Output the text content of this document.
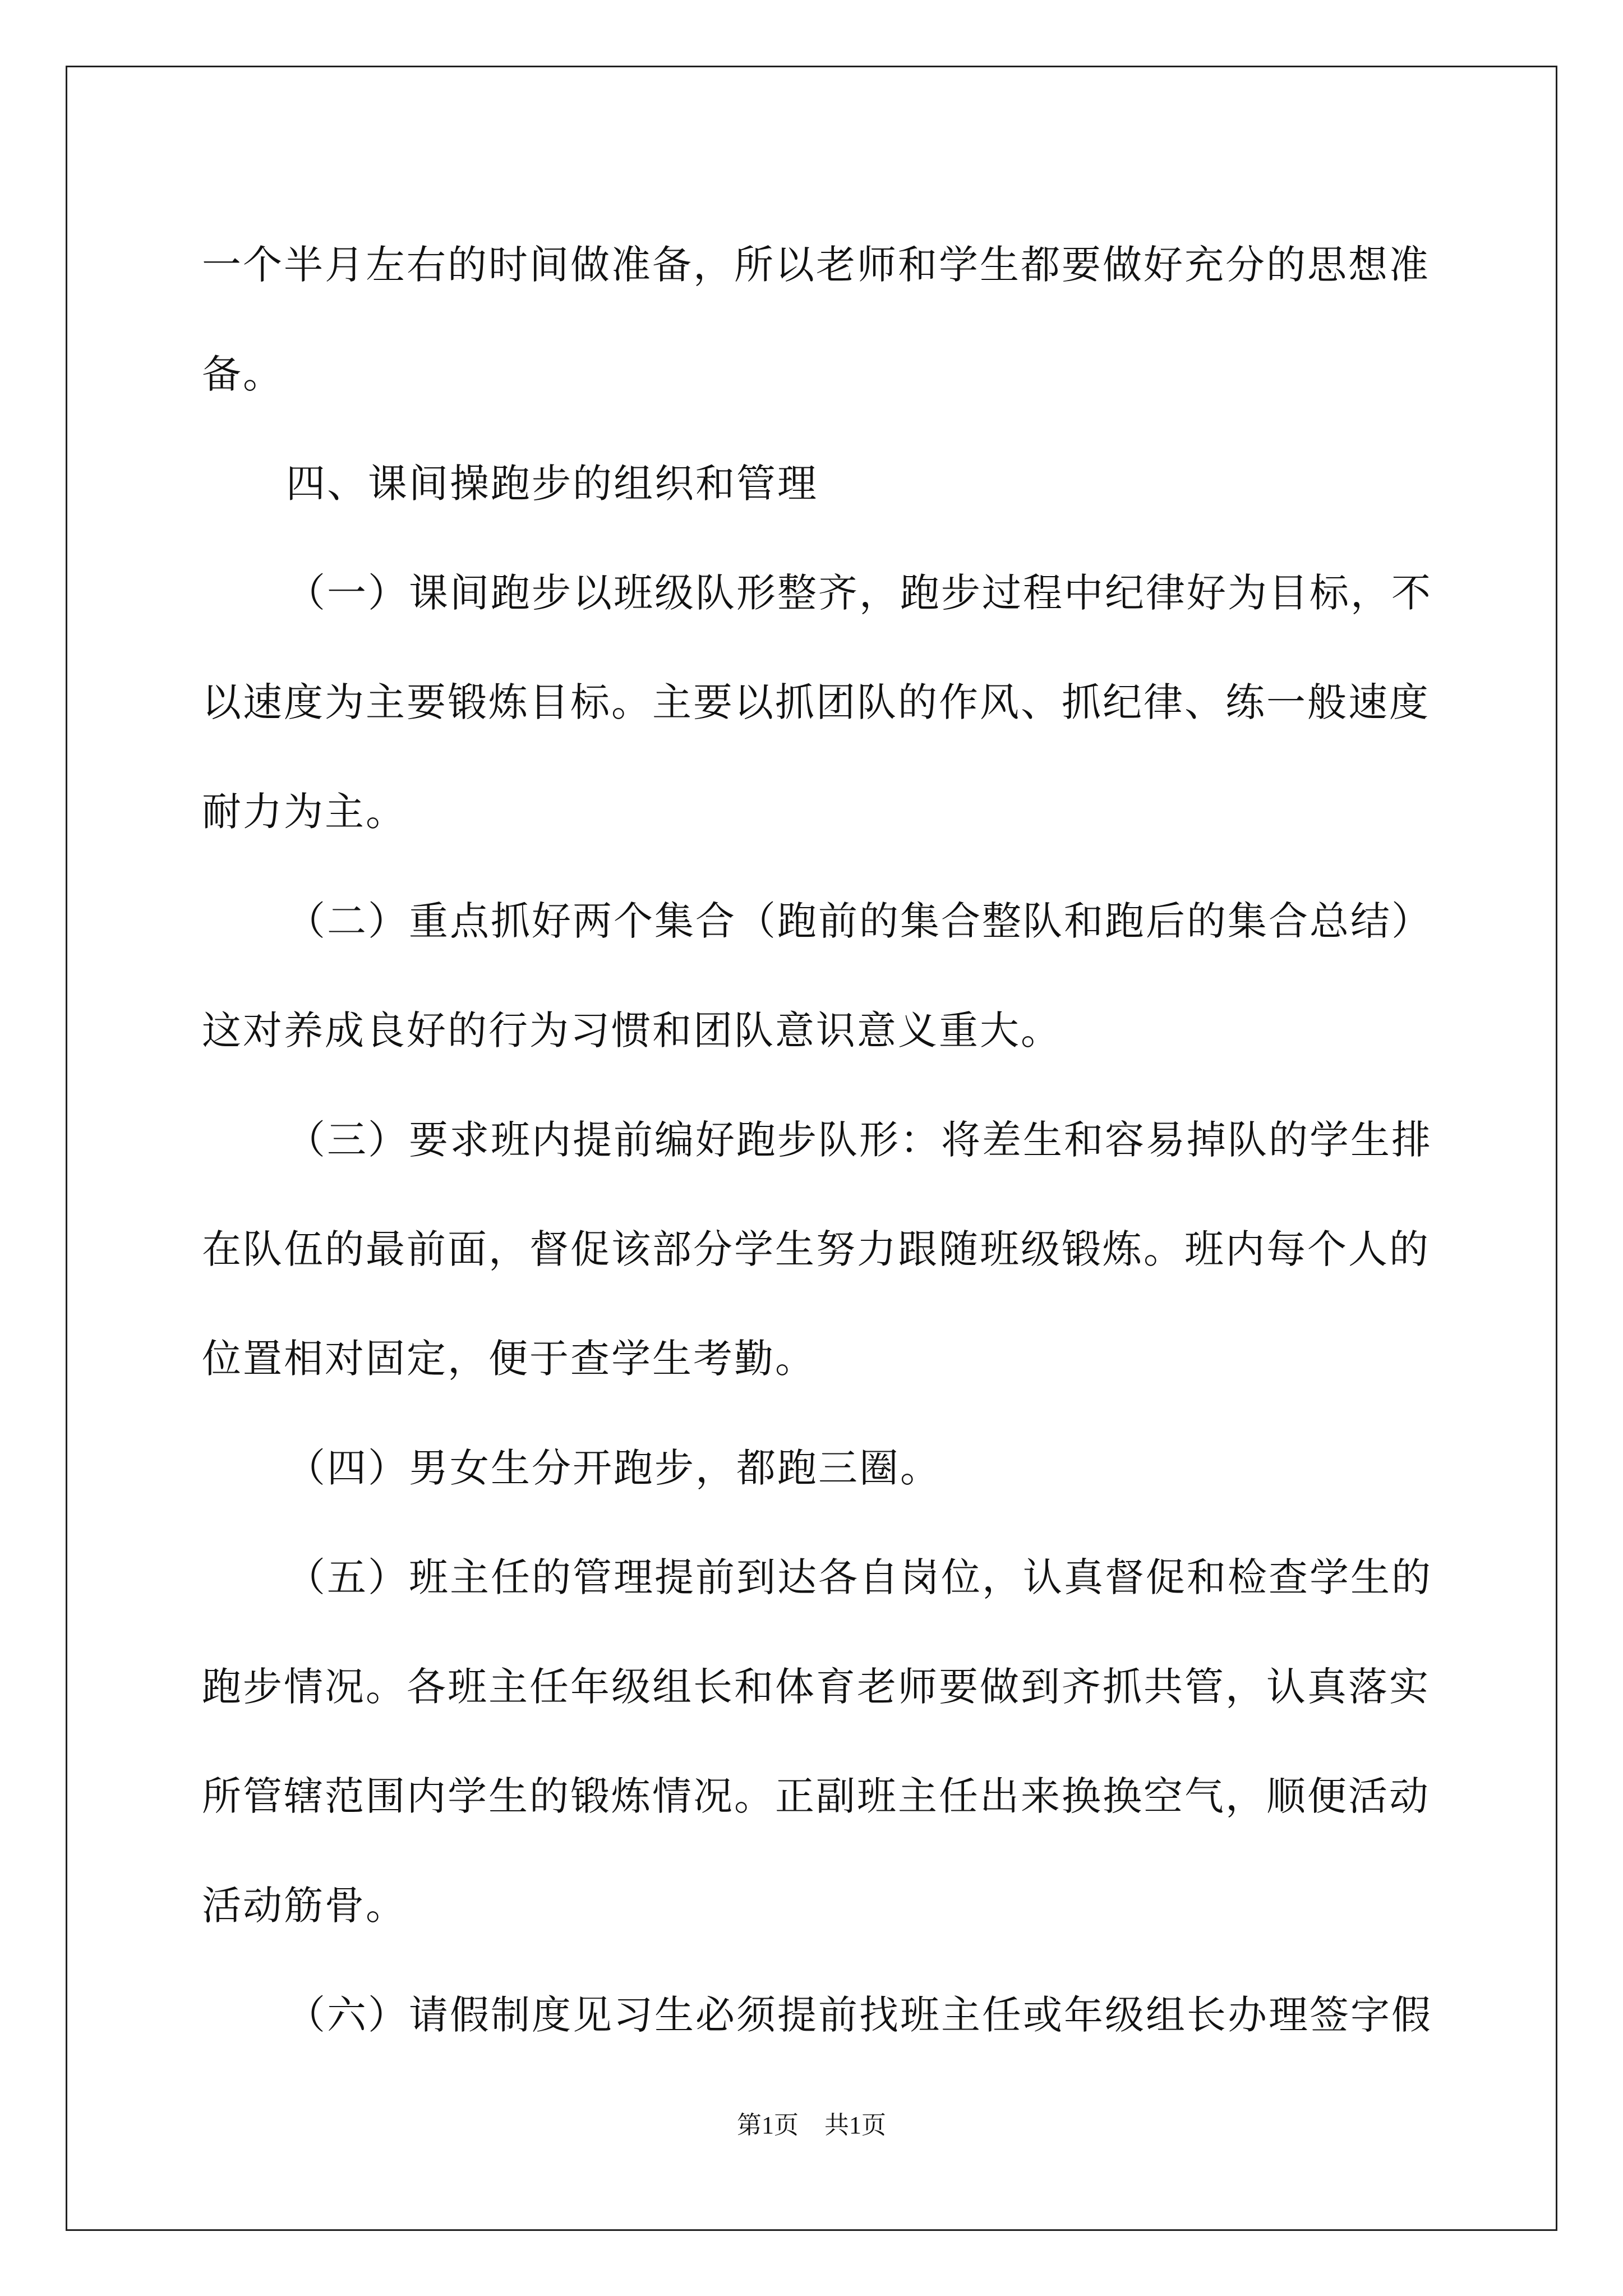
一个半月左右的时间做准备，所以老师和学生都要做好充分的思想准
备。
四、课间操跑步的组织和管理
（一）课间跑步以班级队形整齐，跑步过程中纪律好为目标，不
以速度为主要锻炼目标。主要以抓团队的作风、抓纪律、练一般速度
耐力为主。
（二）重点抓好两个集合（跑前的集合整队和跑后的集合总结）
这对养成良好的行为习惯和团队意识意义重大。
（三）要求班内提前编好跑步队形：将差生和容易掉队的学生排
在队伍的最前面，督促该部分学生努力跟随班级锻炼。班内每个人的
位置相对固定，便于查学生考勤。
（四）男女生分开跑步，都跑三圈。
（五）班主任的管理提前到达各自岗位，认真督促和检查学生的
跑步情况。各班主任年级组长和体育老师要做到齐抓共管，认真落实
所管辖范围内学生的锻炼情况。正副班主任出来换换空气，顺便活动
活动筋骨。
（六）请假制度见习生必须提前找班主任或年级组长办理签字假
第1页 共1页
